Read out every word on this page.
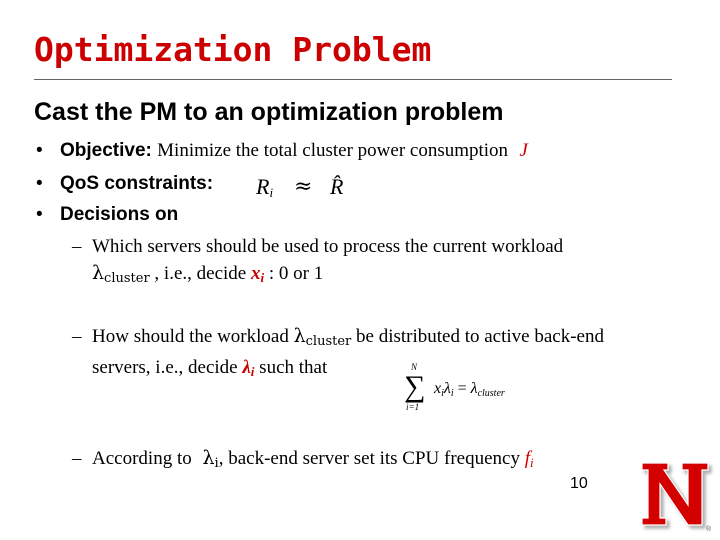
Optimization Problem
Cast the PM to an optimization problem
• Objective: Minimize the total cluster power consumption J
• QoS constraints: $R_i$ ≈ R̂
• Decisions on
– Which servers should be used to process the current workload
$\lambda_{cluster}$ , i.e., decide $x_i$ : 0 or 1
– How should the workload $\lambda_{cluster}$ be distributed to active back-end
servers, i.e., decide $\lambda_i$ such that	N
∑
i=1
$x_i\lambda_i = \lambda_{cluster}$
– According to $\lambda_i$, back-end server set its CPU frequency $f_i$
10
®
